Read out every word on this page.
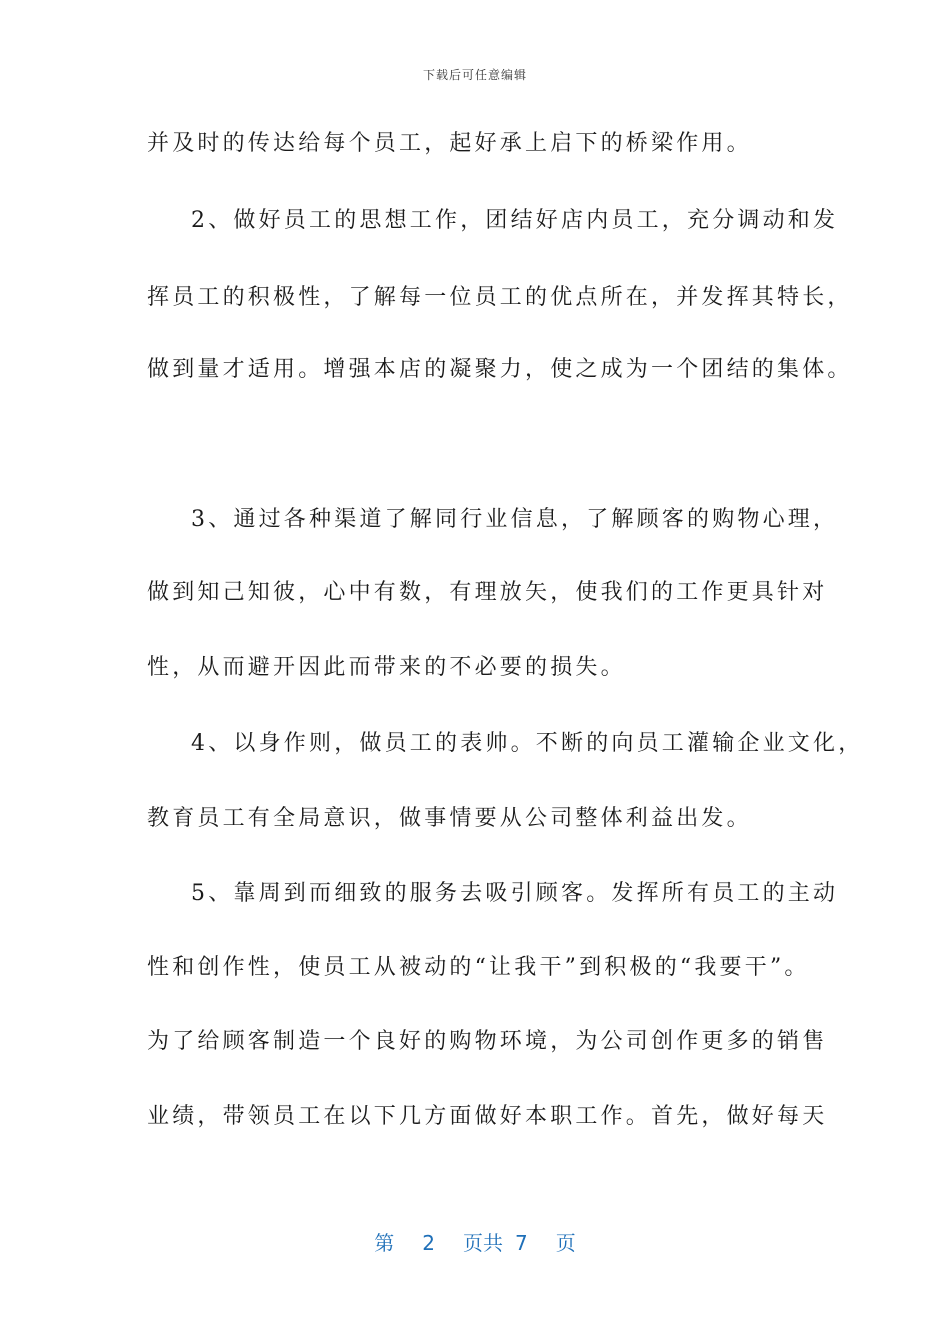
下载后可任意编辑
并及时的传达给每个员工，起好承上启下的桥梁作用。
2、做好员工的思想工作，团结好店内员工，充分调动和发
挥员工的积极性，了解每一位员工的优点所在，并发挥其特长，
做到量才适用。增强本店的凝聚力，使之成为一个团结的集体。
3、通过各种渠道了解同行业信息，了解顾客的购物心理，
做到知己知彼，心中有数，有理放矢，使我们的工作更具针对
性，从而避开因此而带来的不必要的损失。
4、以身作则，做员工的表帅。不断的向员工灌输企业文化，
教育员工有全局意识，做事情要从公司整体利益出发。
5、靠周到而细致的服务去吸引顾客。发挥所有员工的主动
性和创作性，使员工从被动的“让我干”到积极的“我要干”。
为了给顾客制造一个良好的购物环境，为公司创作更多的销售
业绩，带领员工在以下几方面做好本职工作。首先，做好每天
第 2 页共 7 页
